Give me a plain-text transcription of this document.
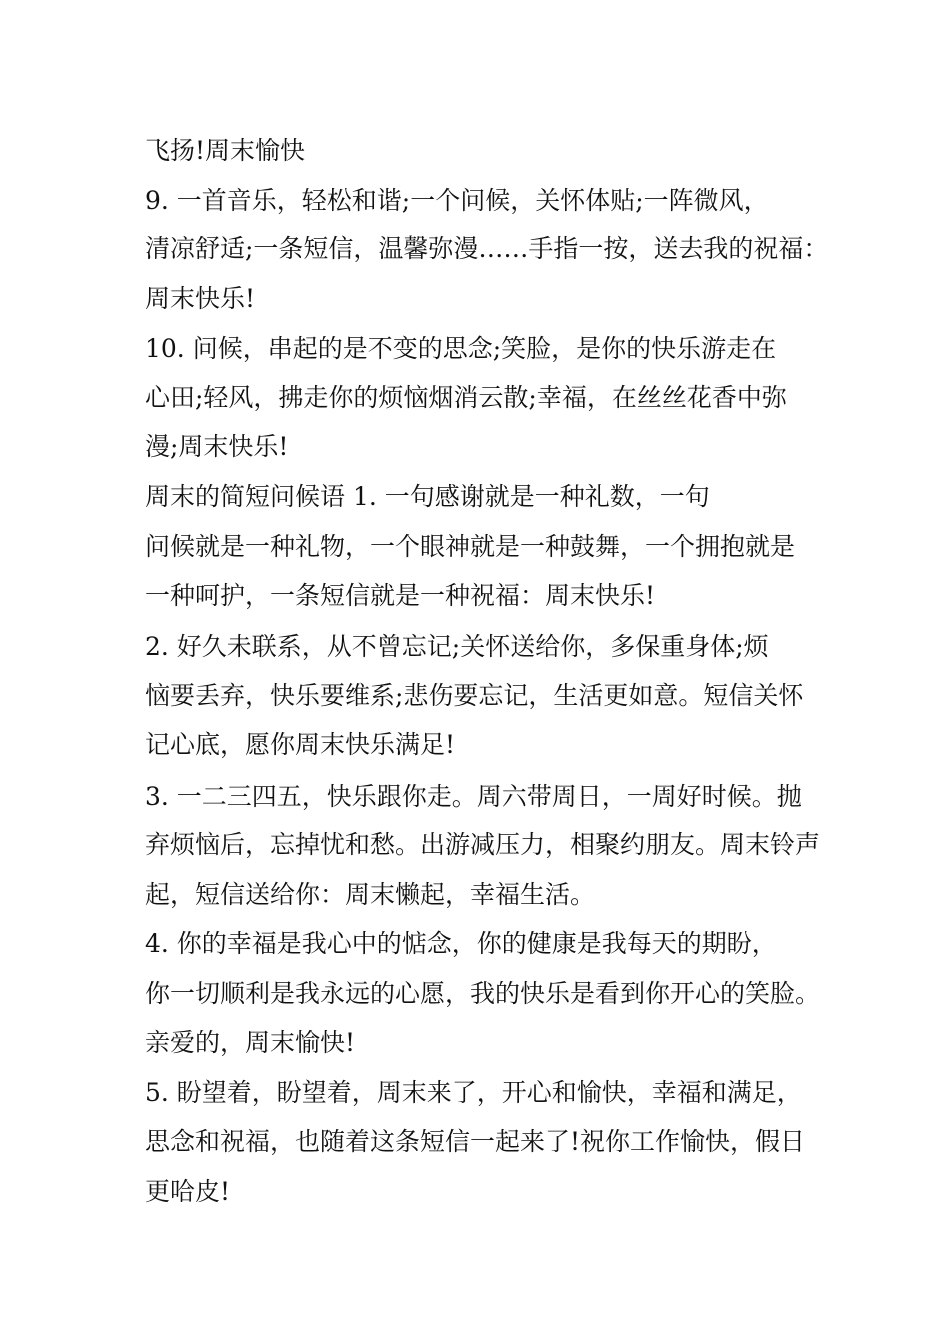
飞扬!周末愉快
9. 一首音乐，轻松和谐;一个问候，关怀体贴;一阵微风，
清凉舒适;一条短信，温馨弥漫……手指一按，送去我的祝福：
周末快乐!
10. 问候，串起的是不变的思念;笑脸，是你的快乐游走在
心田;轻风，拂走你的烦恼烟消云散;幸福，在丝丝花香中弥
漫;周末快乐!
周末的简短问候语 1. 一句感谢就是一种礼数，一句
问候就是一种礼物，一个眼神就是一种鼓舞，一个拥抱就是
一种呵护，一条短信就是一种祝福：周末快乐!
2. 好久未联系，从不曾忘记;关怀送给你，多保重身体;烦
恼要丢弃，快乐要维系;悲伤要忘记，生活更如意。短信关怀
记心底，愿你周末快乐满足!
3. 一二三四五，快乐跟你走。周六带周日，一周好时候。抛
弃烦恼后，忘掉忧和愁。出游减压力，相聚约朋友。周末铃声
起，短信送给你：周末懒起，幸福生活。
4. 你的幸福是我心中的惦念，你的健康是我每天的期盼，
你一切顺利是我永远的心愿，我的快乐是看到你开心的笑脸。
亲爱的，周末愉快!
5. 盼望着，盼望着，周末来了，开心和愉快，幸福和满足，
思念和祝福，也随着这条短信一起来了!祝你工作愉快，假日
更哈皮!
